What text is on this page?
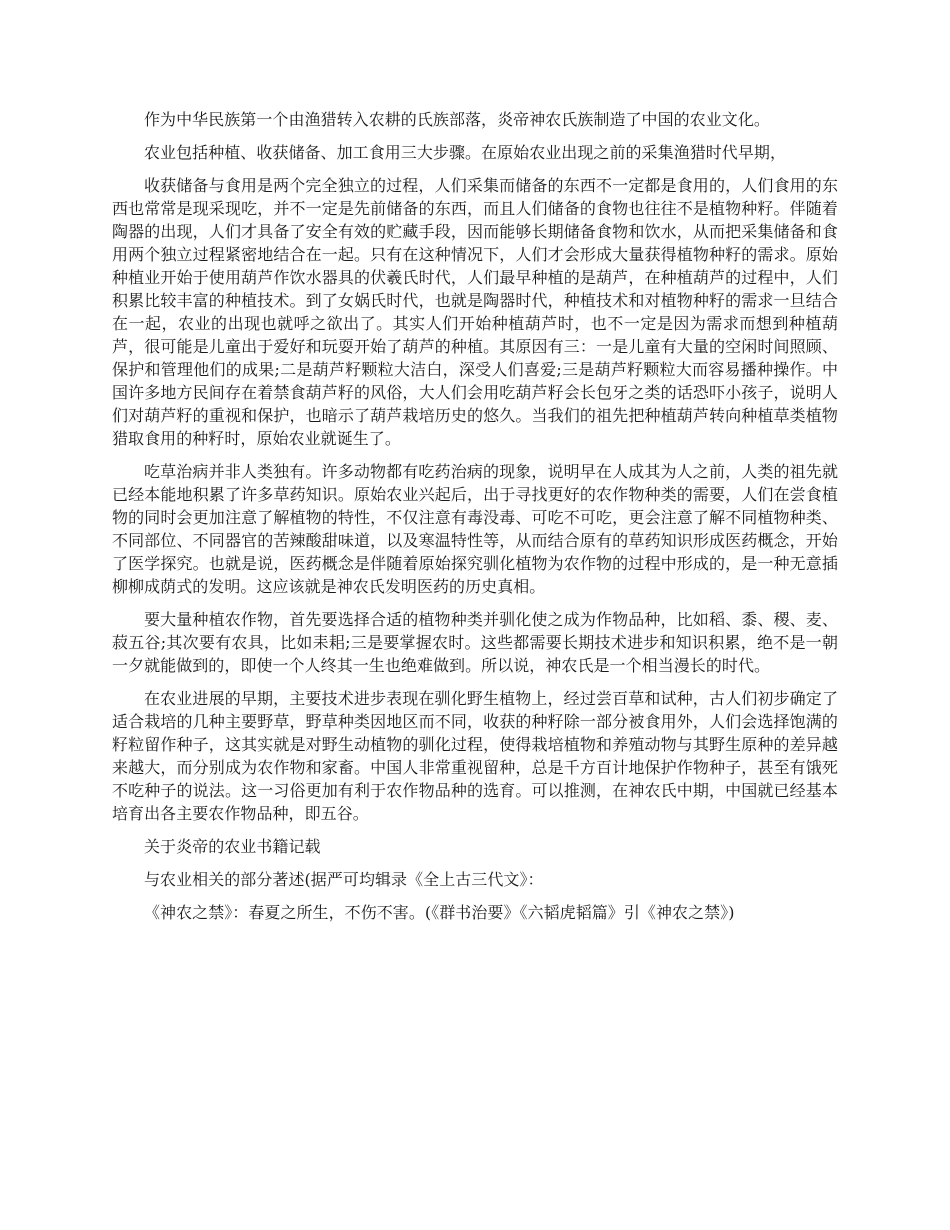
作为中华民族第一个由渔猎转入农耕的氏族部落，炎帝神农氏族制造了中国的农业文化。

农业包括种植、收获储备、加工食用三大步骤。在原始农业出现之前的采集渔猎时代早期，

收获储备与食用是两个完全独立的过程，人们采集而储备的东西不一定都是食用的，人们食用的东西也常常是现采现吃，并不一定是先前储备的东西，而且人们储备的食物也往往不是植物种籽。伴随着陶器的出现，人们才具备了安全有效的贮藏手段，因而能够长期储备食物和饮水，从而把采集储备和食用两个独立过程紧密地结合在一起。只有在这种情况下，人们才会形成大量获得植物种籽的需求。原始种植业开始于使用葫芦作饮水器具的伏羲氏时代，人们最早种植的是葫芦，在种植葫芦的过程中，人们积累比较丰富的种植技术。到了女娲氏时代，也就是陶器时代，种植技术和对植物种籽的需求一旦结合在一起，农业的出现也就呼之欲出了。其实人们开始种植葫芦时，也不一定是因为需求而想到种植葫芦，很可能是儿童出于爱好和玩耍开始了葫芦的种植。其原因有三：一是儿童有大量的空闲时间照顾、保护和管理他们的成果;二是葫芦籽颗粒大洁白，深受人们喜爱;三是葫芦籽颗粒大而容易播种操作。中国许多地方民间存在着禁食葫芦籽的风俗，大人们会用吃葫芦籽会长包牙之类的话恐吓小孩子，说明人们对葫芦籽的重视和保护，也暗示了葫芦栽培历史的悠久。当我们的祖先把种植葫芦转向种植草类植物猎取食用的种籽时，原始农业就诞生了。

吃草治病并非人类独有。许多动物都有吃药治病的现象，说明早在人成其为人之前，人类的祖先就已经本能地积累了许多草药知识。原始农业兴起后，出于寻找更好的农作物种类的需要，人们在尝食植物的同时会更加注意了解植物的特性，不仅注意有毒没毒、可吃不可吃，更会注意了解不同植物种类、不同部位、不同器官的苦辣酸甜味道，以及寒温特性等，从而结合原有的草药知识形成医药概念，开始了医学探究。也就是说，医药概念是伴随着原始探究驯化植物为农作物的过程中形成的，是一种无意插柳柳成荫式的发明。这应该就是神农氏发明医药的历史真相。

要大量种植农作物，首先要选择合适的植物种类并驯化使之成为作物品种，比如稻、黍、稷、麦、菽五谷;其次要有农具，比如耒耜;三是要掌握农时。这些都需要长期技术进步和知识积累，绝不是一朝一夕就能做到的，即使一个人终其一生也绝难做到。所以说，神农氏是一个相当漫长的时代。

在农业进展的早期，主要技术进步表现在驯化野生植物上，经过尝百草和试种，古人们初步确定了适合栽培的几种主要野草，野草种类因地区而不同，收获的种籽除一部分被食用外，人们会选择饱满的籽粒留作种子，这其实就是对野生动植物的驯化过程，使得栽培植物和养殖动物与其野生原种的差异越来越大，而分别成为农作物和家畜。中国人非常重视留种，总是千方百计地保护作物种子，甚至有饿死不吃种子的说法。这一习俗更加有利于农作物品种的选育。可以推测，在神农氏中期，中国就已经基本培育出各主要农作物品种，即五谷。

关于炎帝的农业书籍记载

与农业相关的部分著述(据严可均辑录《全上古三代文》：

《神农之禁》：春夏之所生，不伤不害。(《群书治要》《六韬虎韬篇》引《神农之禁》)
